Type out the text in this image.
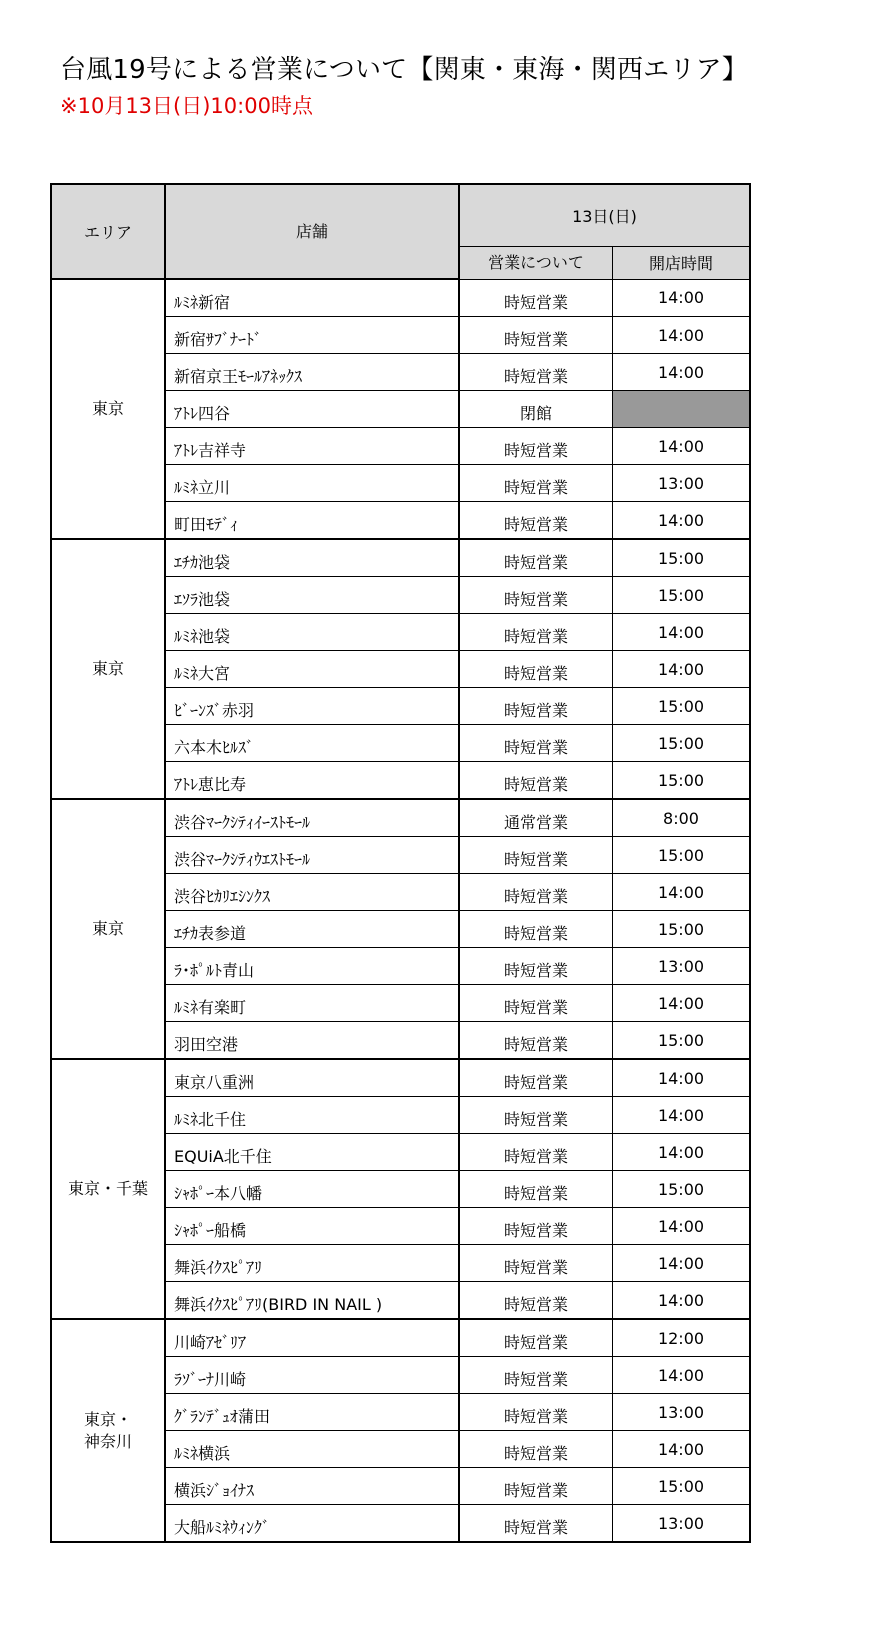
台風19号による営業について【関東・東海・関西エリア】
※10月13日(日)10:00時点
エリア	店舗	13日(日)	
		営業について	開店時間
東京	ﾙﾐﾈ新宿	時短営業	14:00
	新宿ｻﾌﾞﾅｰﾄﾞ	時短営業	14:00
	新宿京王ﾓｰﾙｱﾈｯｸｽ	時短営業	14:00
	ｱﾄﾚ四谷	閉館	
	ｱﾄﾚ吉祥寺	時短営業	14:00
	ﾙﾐﾈ立川	時短営業	13:00
	町田ﾓﾃﾞｨ	時短営業	14:00
東京	ｴﾁｶ池袋	時短営業	15:00
	ｴｿﾗ池袋	時短営業	15:00
	ﾙﾐﾈ池袋	時短営業	14:00
	ﾙﾐﾈ大宮	時短営業	14:00
	ﾋﾞｰﾝｽﾞ赤羽	時短営業	15:00
	六本木ﾋﾙｽﾞ	時短営業	15:00
	ｱﾄﾚ恵比寿	時短営業	15:00
東京	渋谷ﾏｰｸｼﾃｨｲｰｽﾄﾓｰﾙ	通常営業	8:00
	渋谷ﾏｰｸｼﾃｨｳｴｽﾄﾓｰﾙ	時短営業	15:00
	渋谷ﾋｶﾘｴｼﾝｸｽ	時短営業	14:00
	ｴﾁｶ表参道	時短営業	15:00
	ﾗ･ﾎﾟﾙﾄ青山	時短営業	13:00
	ﾙﾐﾈ有楽町	時短営業	14:00
	羽田空港	時短営業	15:00
東京・千葉	東京八重洲	時短営業	14:00
	ﾙﾐﾈ北千住	時短営業	14:00
	EQUiA北千住	時短営業	14:00
	ｼｬﾎﾟｰ本八幡	時短営業	15:00
	ｼｬﾎﾟｰ船橋	時短営業	14:00
	舞浜ｲｸｽﾋﾟｱﾘ	時短営業	14:00
	舞浜ｲｸｽﾋﾟｱﾘ(BIRD IN NAIL )	時短営業	14:00
東京・
神奈川	川崎ｱｾﾞﾘｱ	時短営業	12:00
	ﾗｿﾞｰﾅ川崎	時短営業	14:00
	ｸﾞﾗﾝﾃﾞｭｵ蒲田	時短営業	13:00
	ﾙﾐﾈ横浜	時短営業	14:00
	横浜ｼﾞｮｲﾅｽ	時短営業	15:00
	大船ﾙﾐﾈｳｨﾝｸﾞ	時短営業	13:00
